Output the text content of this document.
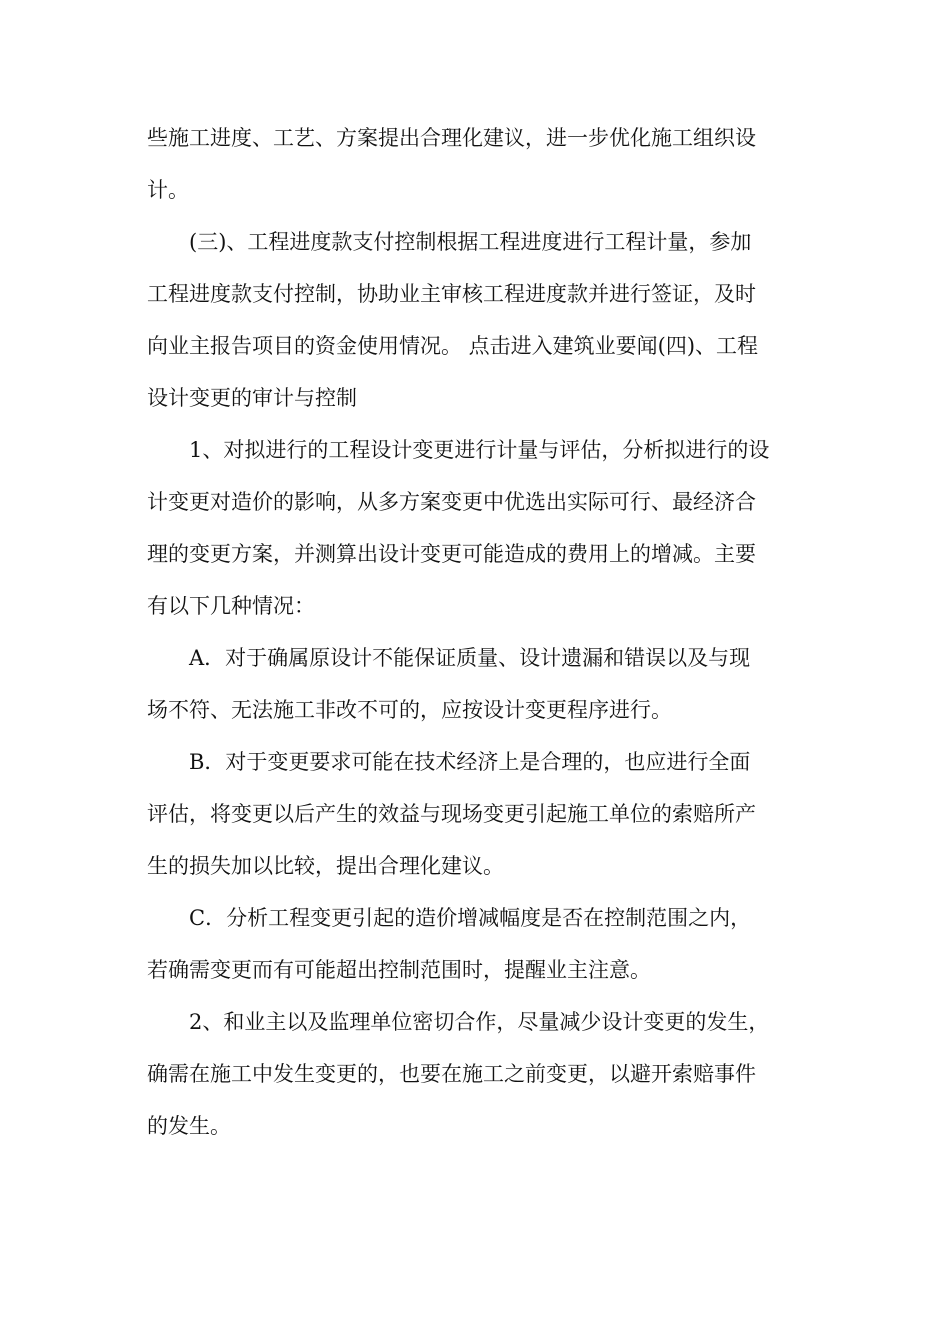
些施工进度、工艺、方案提出合理化建议，进一步优化施工组织设
计。
(三)、工程进度款支付控制根据工程进度进行工程计量，参加
工程进度款支付控制，协助业主审核工程进度款并进行签证，及时
向业主报告项目的资金使用情况。 点击进入建筑业要闻(四)、工程
设计变更的审计与控制
1、对拟进行的工程设计变更进行计量与评估，分析拟进行的设
计变更对造价的影响，从多方案变更中优选出实际可行、最经济合
理的变更方案，并测算出设计变更可能造成的费用上的增减。主要
有以下几种情况：
A．对于确属原设计不能保证质量、设计遗漏和错误以及与现
场不符、无法施工非改不可的，应按设计变更程序进行。
B．对于变更要求可能在技术经济上是合理的，也应进行全面
评估，将变更以后产生的效益与现场变更引起施工单位的索赔所产
生的损失加以比较，提出合理化建议。
C．分析工程变更引起的造价增减幅度是否在控制范围之内，
若确需变更而有可能超出控制范围时，提醒业主注意。
2、和业主以及监理单位密切合作，尽量减少设计变更的发生，
确需在施工中发生变更的，也要在施工之前变更，以避开索赔事件
的发生。
